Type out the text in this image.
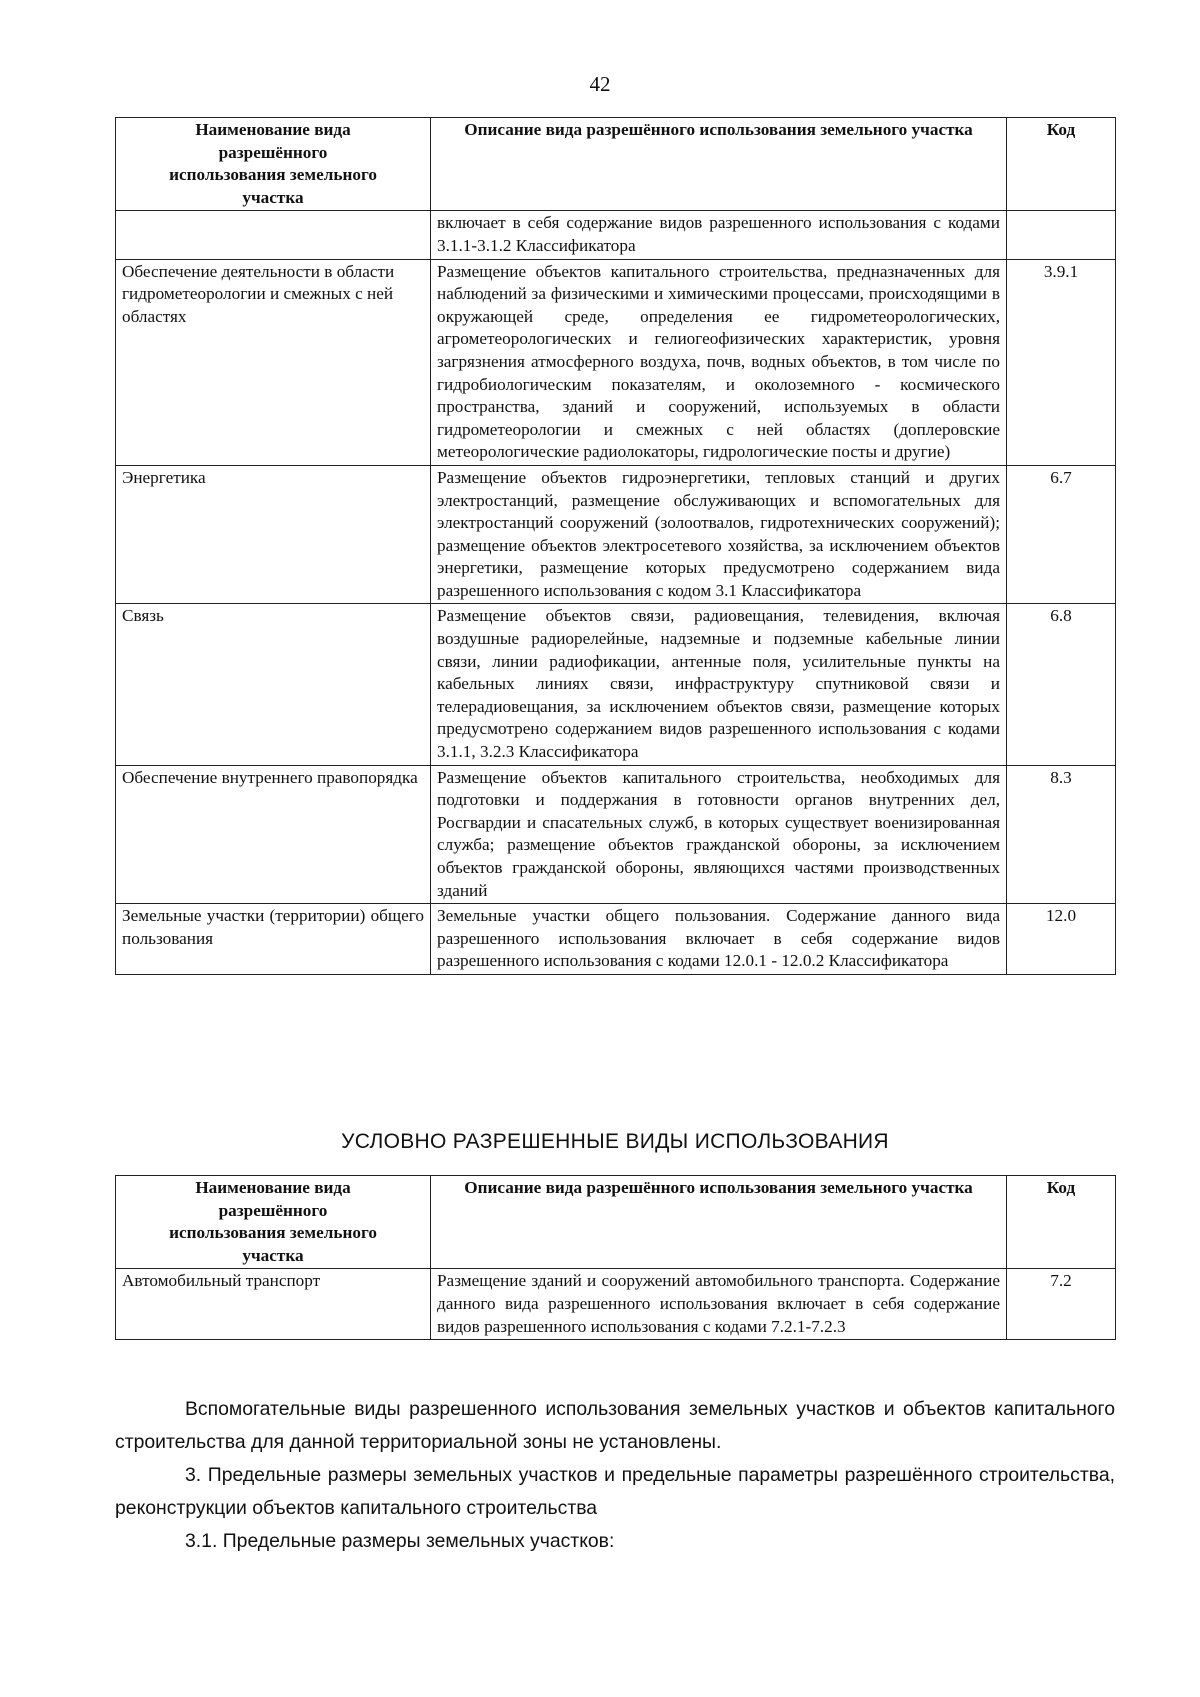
42
Наименование вида разрешённого использования земельного участка	Описание вида разрешённого использования земельного участка	Код
	включает в себя содержание видов разрешенного использования с кодами 3.1.1-3.1.2 Классификатора	
Обеспечение деятельности в области гидрометеорологии и смежных с ней областях	Размещение объектов капитального строительства, предназначенных для наблюдений за физическими и химическими процессами, происходящими в окружающей среде, определения ее гидрометеорологических, агрометеорологических и гелиогеофизических характеристик, уровня загрязнения атмосферного воздуха, почв, водных объектов, в том числе по гидробиологическим показателям, и околоземного - космического пространства, зданий и сооружений, используемых в области гидрометеорологии и смежных с ней областях (доплеровские метеорологические радиолокаторы, гидрологические посты и другие)	3.9.1
Энергетика	Размещение объектов гидроэнергетики, тепловых станций и других электростанций, размещение обслуживающих и вспомогательных для электростанций сооружений (золоотвалов, гидротехнических сооружений); размещение объектов электросетевого хозяйства, за исключением объектов энергетики, размещение которых предусмотрено содержанием вида разрешенного использования с кодом 3.1 Классификатора	6.7
Связь	Размещение объектов связи, радиовещания, телевидения, включая воздушные радиорелейные, надземные и подземные кабельные линии связи, линии радиофикации, антенные поля, усилительные пункты на кабельных линиях связи, инфраструктуру спутниковой связи и телерадиовещания, за исключением объектов связи, размещение которых предусмотрено содержанием видов разрешенного использования с кодами 3.1.1, 3.2.3 Классификатора	6.8
Обеспечение внутреннего правопорядка	Размещение объектов капитального строительства, необходимых для подготовки и поддержания в готовности органов внутренних дел, Росгвардии и спасательных служб, в которых существует военизированная служба; размещение объектов гражданской обороны, за исключением объектов гражданской обороны, являющихся частями производственных зданий	8.3
Земельные участки (территории) общего пользования	Земельные участки общего пользования. Содержание данного вида разрешенного использования включает в себя содержание видов разрешенного использования с кодами 12.0.1 - 12.0.2 Классификатора	12.0
УСЛОВНО РАЗРЕШЕННЫЕ ВИДЫ ИСПОЛЬЗОВАНИЯ
Наименование вида разрешённого использования земельного участка	Описание вида разрешённого использования земельного участка	Код
Автомобильный транспорт	Размещение зданий и сооружений автомобильного транспорта. Содержание данного вида разрешенного использования включает в себя содержание видов разрешенного использования с кодами 7.2.1-7.2.3	7.2

Вспомогательные виды разрешенного использования земельных участков и объектов капитального строительства для данной территориальной зоны не установлены.

3. Предельные размеры земельных участков и предельные параметры разрешённого строительства, реконструкции объектов капитального строительства

3.1. Предельные размеры земельных участков:
